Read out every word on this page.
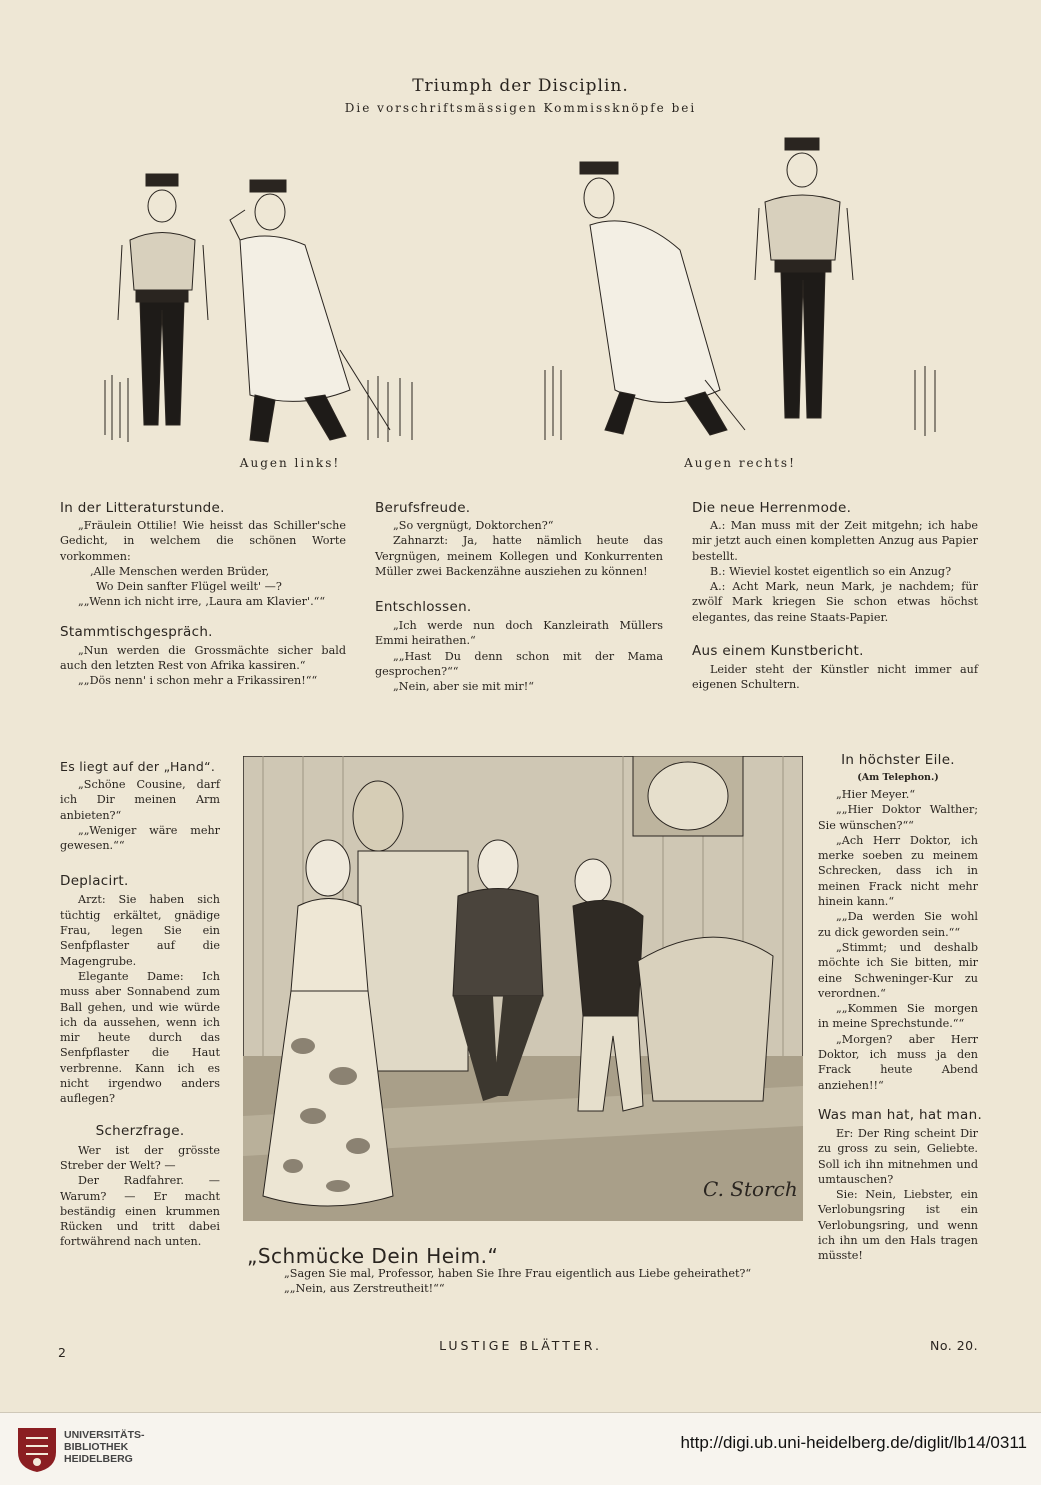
Triumph der Disciplin.
Die vorschriftsmässigen Kommissknöpfe bei
Augen links!	Augen rechts!
In der Litteraturstunde.

„Fräulein Ottilie! Wie heisst das Schiller'sche Gedicht, in welchem die schönen Worte vorkommen:

‚Alle Menschen werden Brüder,

Wo Dein sanfter Flügel weilt' —?

„„Wenn ich nicht irre, ‚Laura am Klavier'.““

Stammtischgespräch.

„Nun werden die Grossmächte sicher bald auch den letzten Rest von Afrika kassiren.“

„„Dös nenn' i schon mehr a Frikassiren!““

Berufsfreude.

„So vergnügt, Doktorchen?“

Zahnarzt: Ja, hatte nämlich heute das Vergnügen, meinem Kollegen und Konkurrenten Müller zwei Backenzähne ausziehen zu können!

Entschlossen.

„Ich werde nun doch Kanzleirath Müllers Emmi heirathen.“

„„Hast Du denn schon mit der Mama gesprochen?““

„Nein, aber sie mit mir!“

Die neue Herrenmode.

A.: Man muss mit der Zeit mitgehn; ich habe mir jetzt auch einen kompletten Anzug aus Papier bestellt.

B.: Wieviel kostet eigentlich so ein Anzug?

A.: Acht Mark, neun Mark, je nachdem; für zwölf Mark kriegen Sie schon etwas höchst elegantes, das reine Staats-Papier.

Aus einem Kunstbericht.

Leider steht der Künstler nicht immer auf eigenen Schultern.

Es liegt auf der „Hand“.

„Schöne Cousine, darf ich Dir meinen Arm anbieten?“

„„Weniger wäre mehr gewesen.““

Deplacirt.

Arzt: Sie haben sich tüchtig erkältet, gnädige Frau, legen Sie ein Senfpflaster auf die Magengrube.

Elegante Dame: Ich muss aber Sonnabend zum Ball gehen, und wie würde ich da aussehen, wenn ich mir heute durch das Senfpflaster die Haut verbrenne. Kann ich es nicht irgendwo anders auflegen?

Scherzfrage.

Wer ist der grösste Streber der Welt? —

Der Radfahrer. — Warum? — Er macht beständig einen krummen Rücken und tritt dabei fortwährend nach unten.

C. Storch
„Schmücke Dein Heim.“

„Sagen Sie mal, Professor, haben Sie Ihre Frau eigentlich aus Liebe geheirathet?“

„„Nein, aus Zerstreutheit!““

In höchster Eile.
(Am Telephon.)

„Hier Meyer.“

„„Hier Doktor Walther; Sie wünschen?““

„Ach Herr Doktor, ich merke soeben zu meinem Schrecken, dass ich in meinen Frack nicht mehr hinein kann.“

„„Da werden Sie wohl zu dick geworden sein.““

„Stimmt; und deshalb möchte ich Sie bitten, mir eine Schweninger-Kur zu verordnen.“

„„Kommen Sie morgen in meine Sprechstunde.““

„Morgen? aber Herr Doktor, ich muss ja den Frack heute Abend anziehen!!“

Was man hat, hat man.

Er: Der Ring scheint Dir zu gross zu sein, Geliebte. Soll ich ihn mitnehmen und umtauschen?

Sie: Nein, Liebster, ein Verlobungsring ist ein Verlobungsring, und wenn ich ihn um den Hals tragen müsste!

2	LUSTIGE BLÄTTER.	No. 20.
UNIVERSITÄTS-
BIBLIOTHEK
HEIDELBERG
http://digi.ub.uni-heidelberg.de/diglit/lb14/0311
